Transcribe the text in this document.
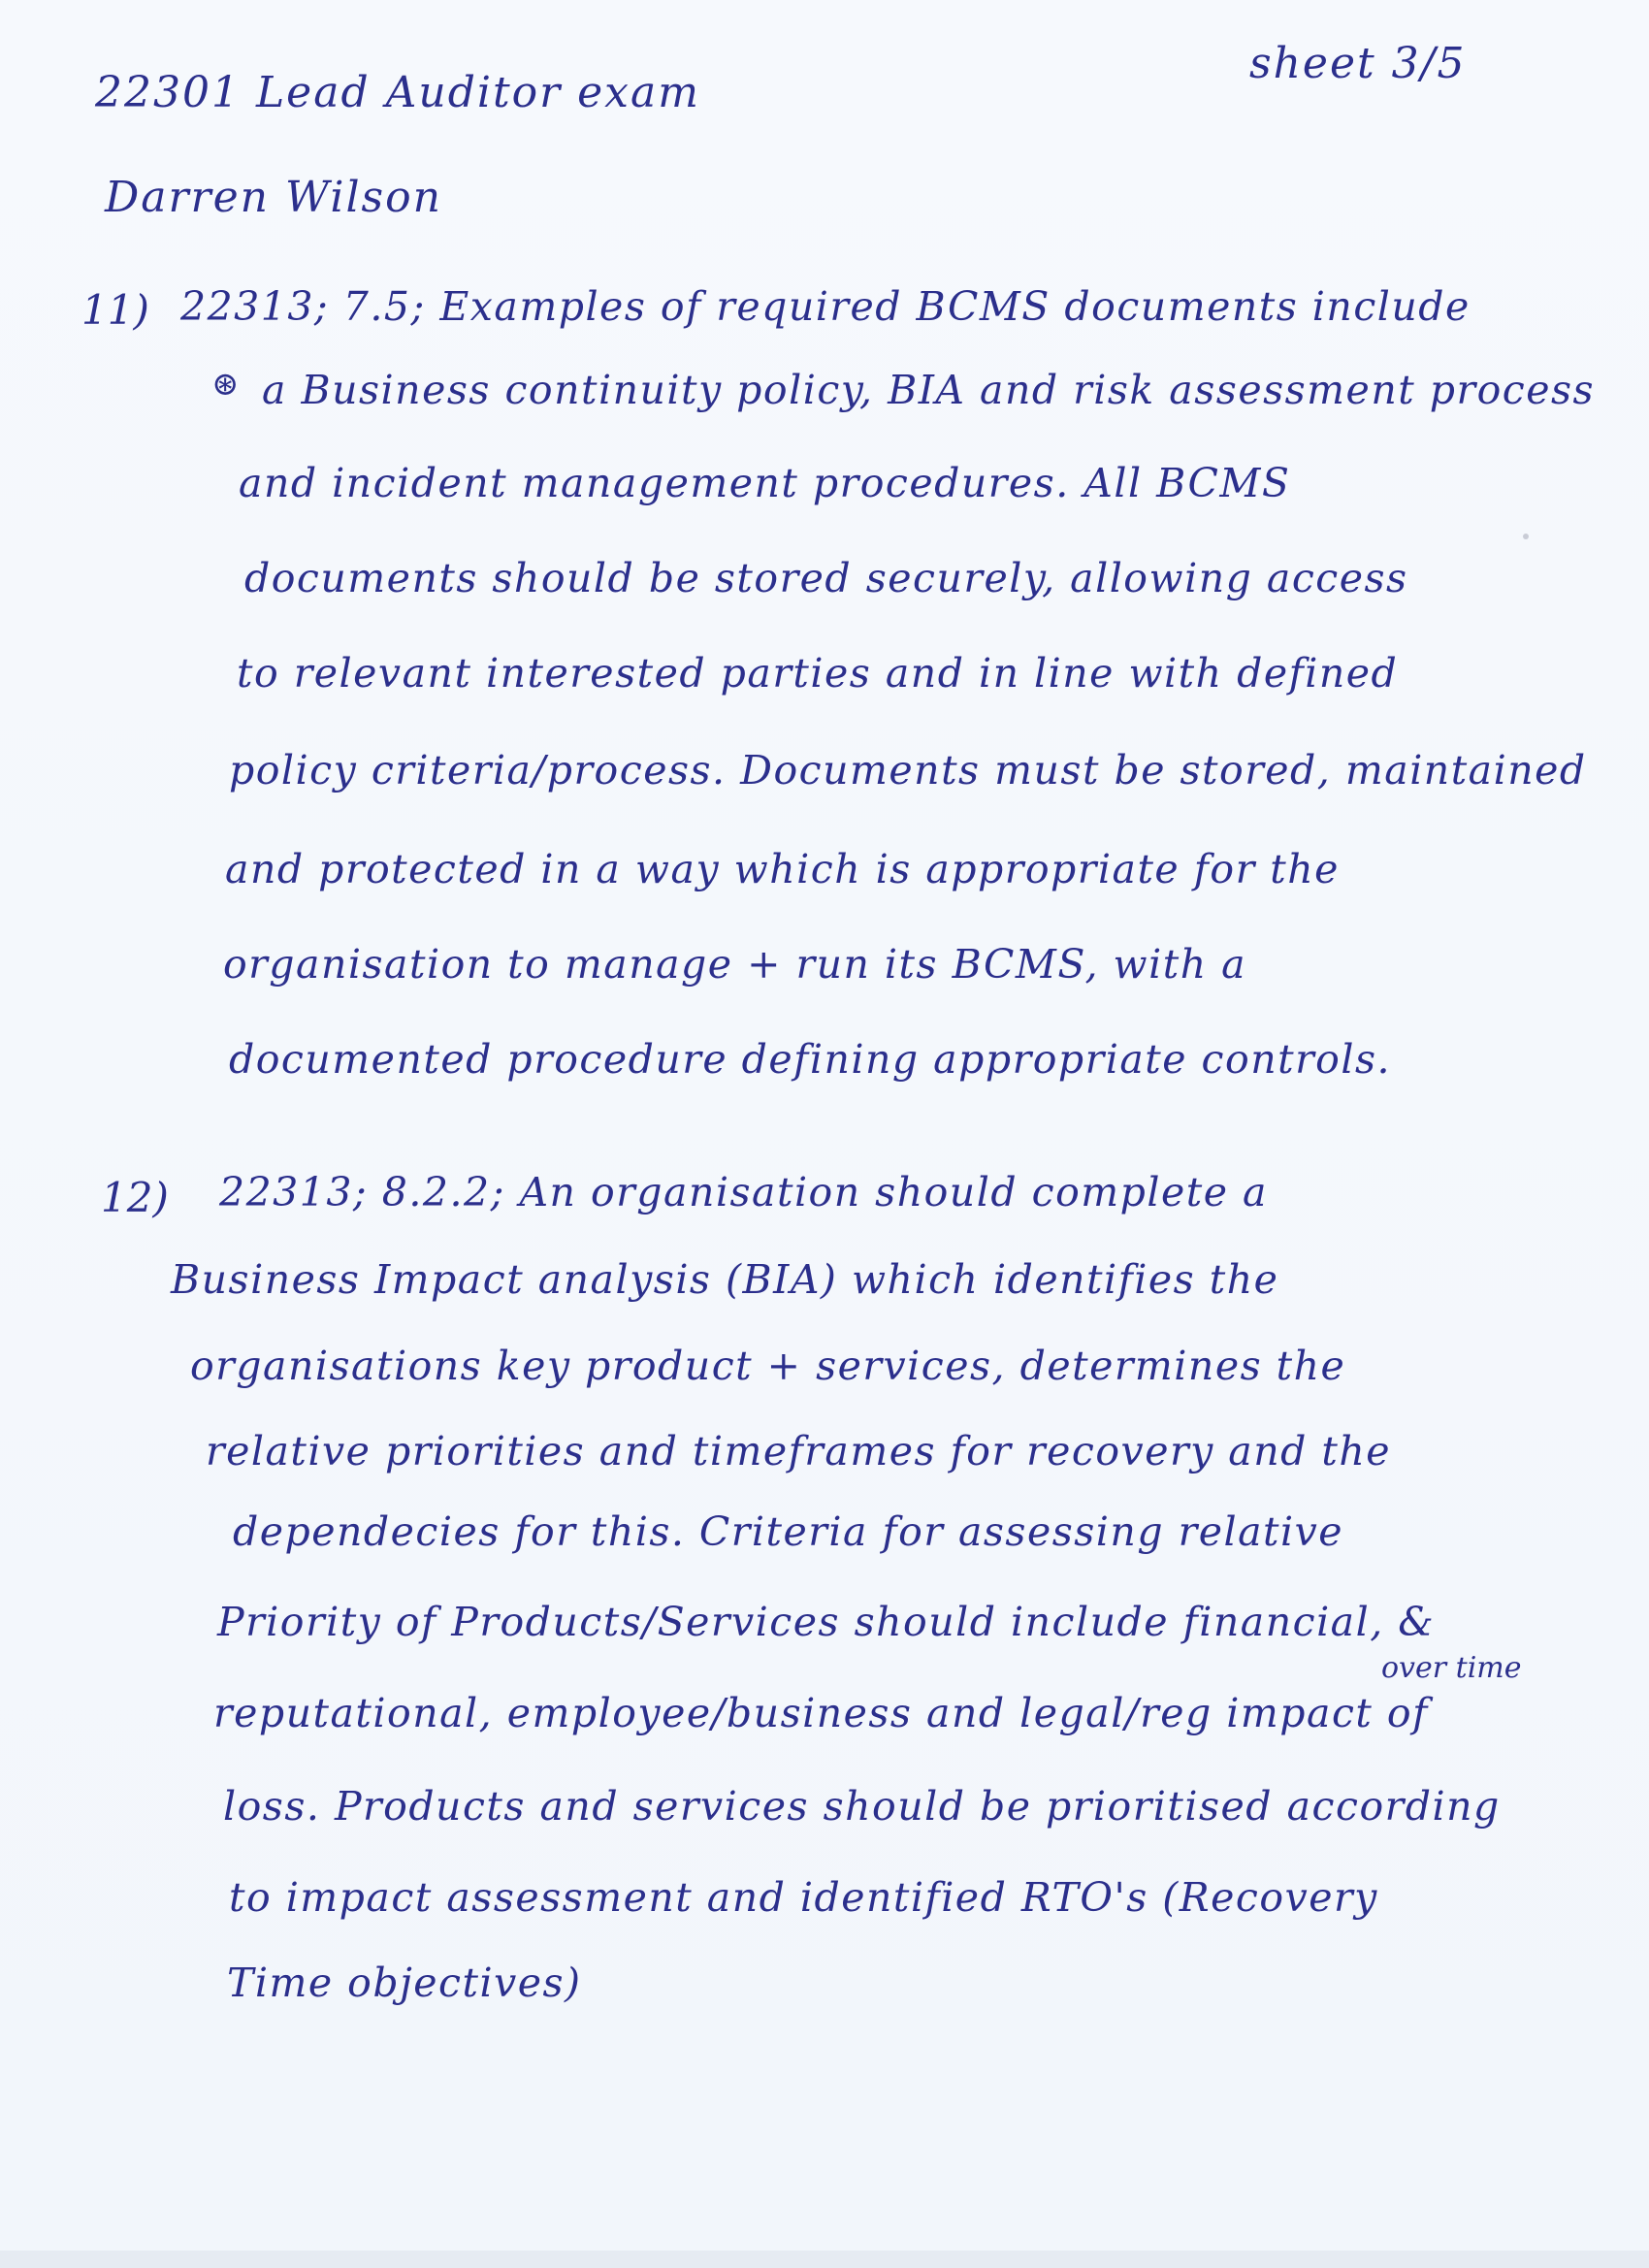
22301 Lead Auditor exam
sheet 3/5
Darren Wilson
11) 22313; 7.5; Examples of required BCMS documents include
⊛ a Business continuity policy, BIA and risk assessment process
and incident management procedures. All BCMS
documents should be stored securely, allowing access
to relevant interested parties and in line with defined
policy criteria/process. Documents must be stored, maintained
and protected in a way which is appropriate for the
organisation to manage + run its BCMS, with a
documented procedure defining appropriate controls.
12) 22313; 8.2.2; An organisation should complete a
Business Impact analysis (BIA) which identifies the
organisations key product + services, determines the
relative priorities and timeframes for recovery and the
dependecies for this. Criteria for assessing relative
Priority of Products/Services should include financial, &
over time
reputational, employee/business and legal/reg impact of
loss. Products and services should be prioritised according
to impact assessment and identified RTO's (Recovery
Time objectives)
